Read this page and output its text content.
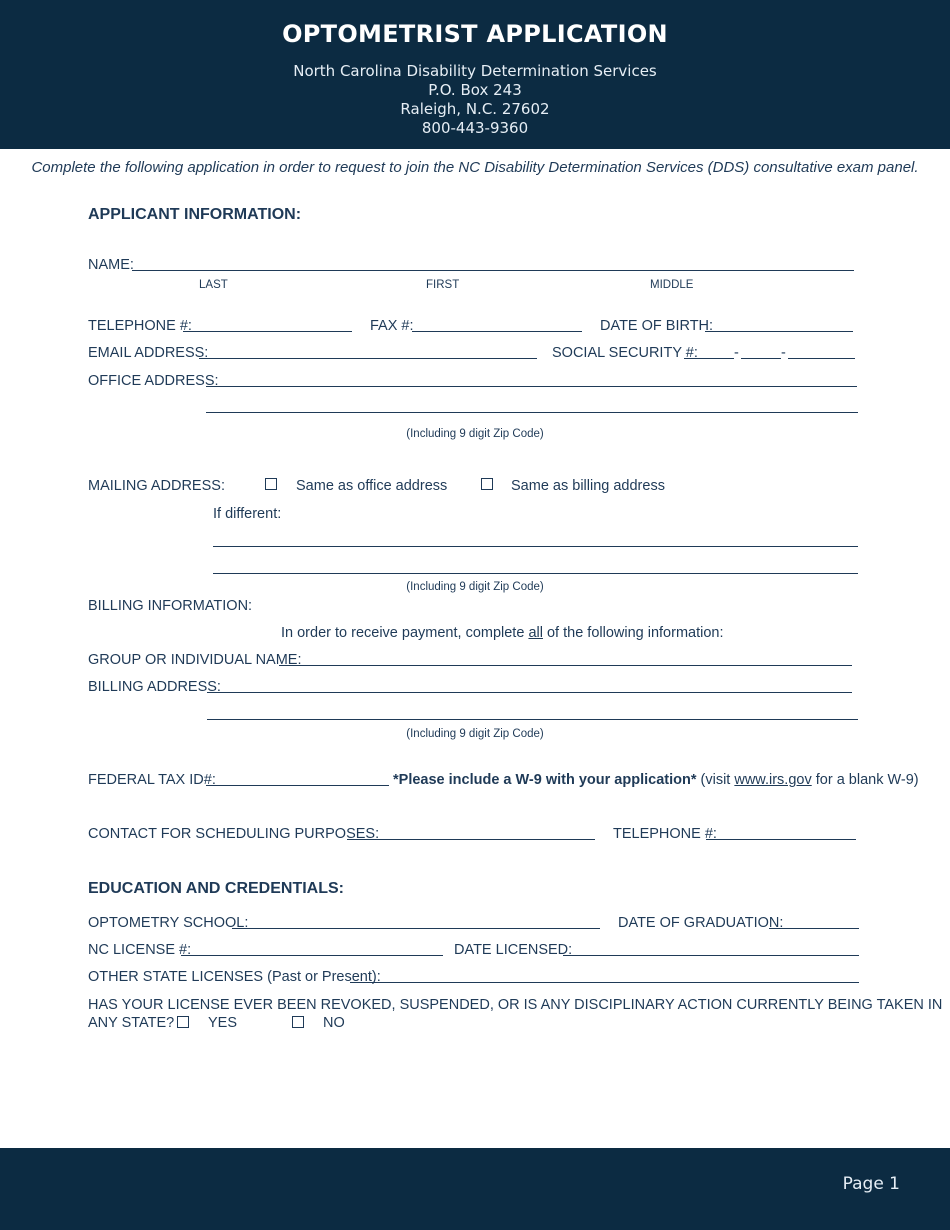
OPTOMETRIST APPLICATION
North Carolina Disability Determination Services
P.O. Box 243
Raleigh, N.C. 27602
800-443-9360
Complete the following application in order to request to join the NC Disability Determination Services (DDS) consultative exam panel.
APPLICANT INFORMATION:
NAME:
LAST	FIRST	MIDDLE
TELEPHONE #:	FAX #:	DATE OF BIRTH:
EMAIL ADDRESS:	SOCIAL SECURITY #: -	-
OFFICE ADDRESS:
(Including 9 digit Zip Code)
MAILING ADDRESS:	Same as office address	Same as billing address
If different:
(Including 9 digit Zip Code)
BILLING INFORMATION:
In order to receive payment, complete all of the following information:
GROUP OR INDIVIDUAL NAME:
BILLING ADDRESS:
(Including 9 digit Zip Code)
FEDERAL TAX ID#:	*Please include a W-9 with your application* (visit www.irs.gov for a blank W-9)
CONTACT FOR SCHEDULING PURPOSES:	TELEPHONE #:
EDUCATION AND CREDENTIALS:
OPTOMETRY SCHOOL:	DATE OF GRADUATION:
NC LICENSE #:	DATE LICENSED:
OTHER STATE LICENSES (Past or Present):
HAS YOUR LICENSE EVER BEEN REVOKED, SUSPENDED, OR IS ANY DISCIPLINARY ACTION CURRENTLY BEING TAKEN IN
ANY STATE? YES	NO
Page 1
